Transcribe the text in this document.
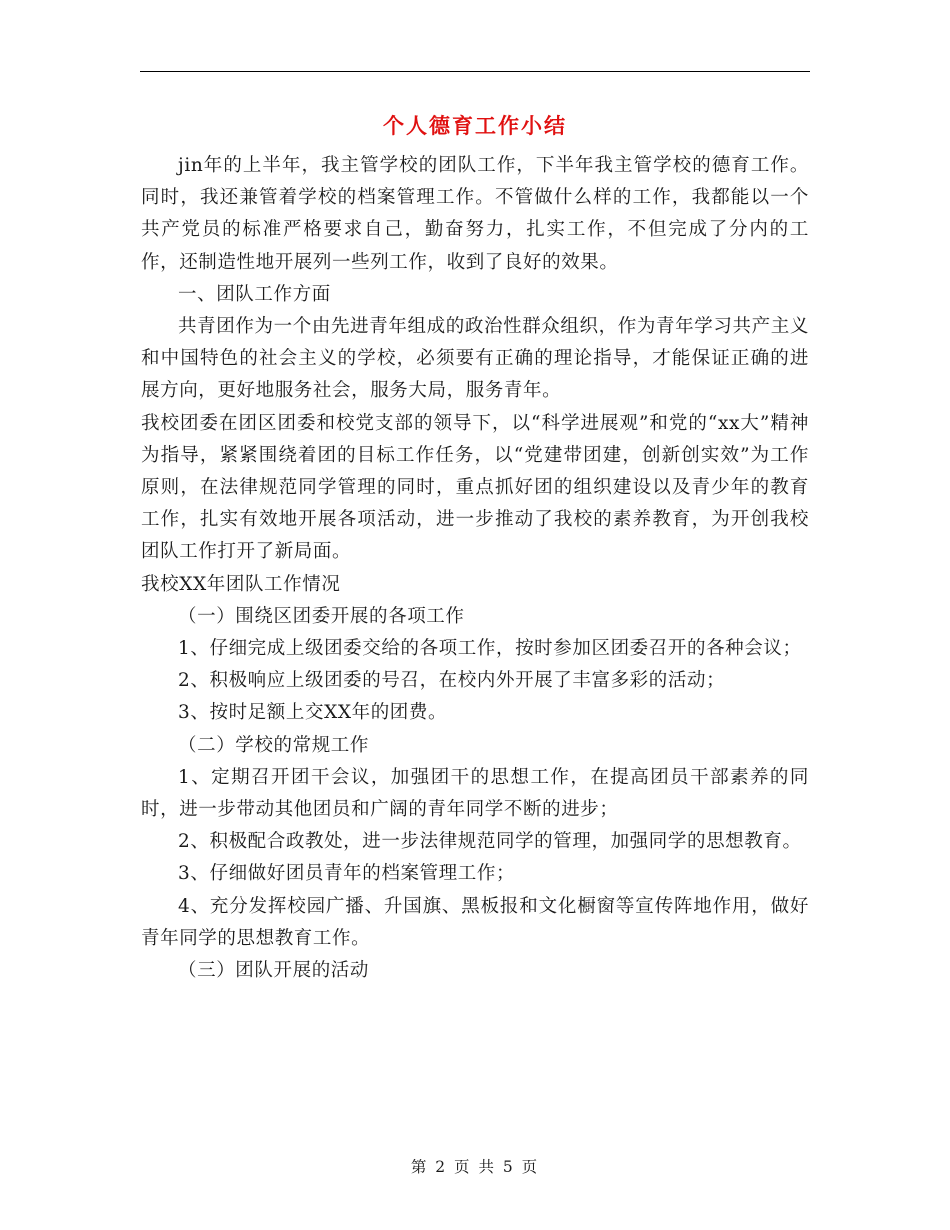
个人德育工作小结

jin年的上半年，我主管学校的团队工作，下半年我主管学校的德育工作。同时，我还兼管着学校的档案管理工作。不管做什么样的工作，我都能以一个共产党员的标准严格要求自己，勤奋努力，扎实工作，不但完成了分内的工作，还制造性地开展列一些列工作，收到了良好的效果。

一、团队工作方面

共青团作为一个由先进青年组成的政治性群众组织，作为青年学习共产主义和中国特色的社会主义的学校，必须要有正确的理论指导，才能保证正确的进展方向，更好地服务社会，服务大局，服务青年。

我校团委在团区团委和校党支部的领导下，以“科学进展观”和党的“xx大”精神为指导，紧紧围绕着团的目标工作任务，以“党建带团建，创新创实效”为工作原则，在法律规范同学管理的同时，重点抓好团的组织建设以及青少年的教育工作，扎实有效地开展各项活动，进一步推动了我校的素养教育，为开创我校团队工作打开了新局面。

我校XX年团队工作情况

（一）围绕区团委开展的各项工作

1、仔细完成上级团委交给的各项工作，按时参加区团委召开的各种会议；

2、积极响应上级团委的号召，在校内外开展了丰富多彩的活动；

3、按时足额上交XX年的团费。

（二）学校的常规工作

1、定期召开团干会议，加强团干的思想工作，在提高团员干部素养的同时，进一步带动其他团员和广阔的青年同学不断的进步；

2、积极配合政教处，进一步法律规范同学的管理，加强同学的思想教育。

3、仔细做好团员青年的档案管理工作；

4、充分发挥校园广播、升国旗、黑板报和文化橱窗等宣传阵地作用，做好青年同学的思想教育工作。

（三）团队开展的活动

第 2 页 共 5 页
